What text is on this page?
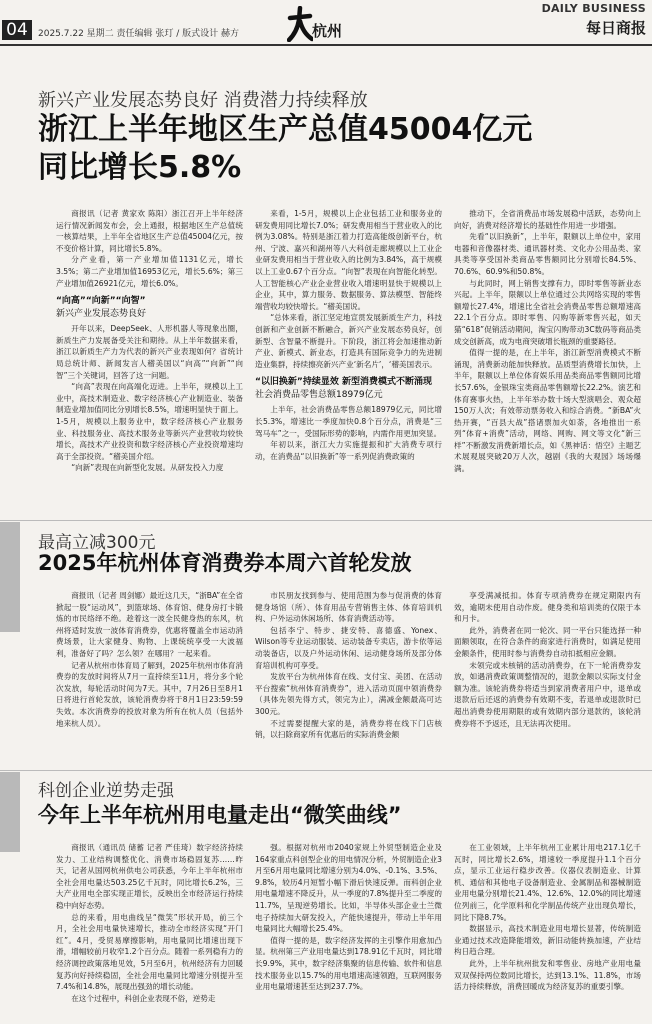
04	2025.7.22 星期二 责任编辑 张玎 / 版式设计 赫方	杭州
DAILY BUSINESS
每日商报
新兴产业发展态势良好 消费潜力持续释放
浙江上半年地区生产总值45004亿元
同比增长5.8%

商报讯（记者 黄家欢 陈阳）浙江召开上半年经济运行情况新闻发布会，会上通报，根据地区生产总值统一核算结果，上半年全省地区生产总值45004亿元，按不变价格计算，同比增长5.8%。

分产业看，第一产业增加值1131亿元，增长3.5%；第二产业增加值16953亿元，增长5.6%；第三产业增加值26921亿元，增长6.0%。

“向高”“向新”“向智”
新兴产业发展态势良好

开年以来，DeepSeek、人形机器人等现象出圈，新质生产力发展备受关注和期待。从上半年数据来看，浙江以新质生产力为代表的新兴产业表现如何？省统计局总统计师、新闻发言人稽美国以“向高”“向新”“向智”三个关键词，回答了这一问题。

“向高”表现在向高端化迈进。上半年，规模以上工业中，高技术制造业、数字经济核心产业制造业、装备制造业增加值同比分别增长8.5%，增速明显快于面上。1-5月，规模以上服务业中，数字经济核心产业服务业、科技服务业、高技术服务业等新兴产业营收均较快增长，高技术产业投资和数字经济核心产业投资增速均高于全部投资。“稽美国介绍。

“向新”表现在向新型化发展。从研发投入力度

来看，1-5月，规模以上企业包括工业和服务业的研发费用同比增长7.0%；研发费用相当于营业收入的比例为3.08%。特别是浙江着力打造高能级创新平台，杭州、宁波、嘉兴和湖州等八大科创走廊规模以上工业企业研发费用相当于营业收入的比例为3.84%，高于规模以上工业0.67个百分点。“向智”表现在向智能化转型。人工智能核心产业企业营业收入增速明显快于规模以上企业，其中，算力服务、数据服务、算法模型、智能终端营收均较快增长。“稽美国说。

“总体来看，浙江坚定地宣贯发展新质生产力，科技创新和产业创新不断融合，新兴产业发展态势良好，创新型、含智量不断提升。下阶段，浙江将会加速推动新产业、新模式、新业态，打造具有国际竞争力的先进制造业集群，持续擦亮新兴产业‘新名片’，‘稽美国表示。

“以旧换新”持续显效 新型消费模式不断涌现
社会消费品零售总额18979亿元

上半年，社会消费品零售总额18979亿元，同比增长5.3%，增速比一季度加快0.8个百分点，消费是“三驾马车”之一，受国际形势的影响，内需作用更加突显。

年初以来，浙江大力实施提振和扩大消费专项行动，在消费品“以旧换新”等一系列促消费政策的

推动下，全省消费品市场发展稳中活跃，态势向上向好，消费对经济增长的基础性作用进一步增强。

先看“以旧换新”，上半年，限额以上单位中，家用电器和音像器材类、通讯器材类、文化办公用品类、家具类等享受国补类商品零售额同比分别增长84.5%、70.6%、60.9%和50.8%。

与此同时，网上销售支撑有力，即时零售等新业态兴起。上半年，限额以上单位通过公共网络实现的零售额增长27.4%，增速比全省社会消费品零售总额增速高22.1个百分点。即时零售、闪购等新零售兴起，如天猫“618”促销活动期间，淘宝闪购带动3C数码等商品类成交创新高，成为电商突破增长瓶颈的重要路径。

值得一提的是，在上半年，浙江新型消费模式不断涌现，消费新动能加快释放。品质型消费增长加快，上半年，限额以上单位体育娱乐用品类商品零售额同比增长57.6%，金银珠宝类商品零售额增长22.2%。演艺和体育赛事火热，上半年举办数十场大型演唱会、观众超150万人次；有效带动票务收入和综合消费。“新BA”火热开赛，“百县大战”搭诸票加火如荼，各地推出一系列“体育+消费”活动，网络、网购、网文等文化“新三样”不断激发消费新增长点，如《黑神话：悟空》主题艺术展观展突破20万人次，越剧《我的大观园》场场爆满。

最高立减300元
2025年杭州体育消费券本周六首轮发放

商报讯（记者 周剑娜）最近这几天，“浙BA”在全省掀起一股“运动风”，到篮球场、体育馆、健身房打卡锻炼的市民络绎不绝。趁着这一波全民健身热的东风，杭州将适时发放一波体育消费券，优惠将覆盖全市运动消费场景，让大家健身、购物、上课统统享受一大波福利，准备好了吗？怎么领？在哪用？一起来看。

记者从杭州市体育局了解到，2025年杭州市体育消费券的发放时间将从7月一直持续至11月，将分多个轮次发放，每轮活动时间为7天。其中，7月26日至8月1日将进行首轮发放，该轮消费券将于8月1日23:59:59失效。本次消费券的投放对象为所有在杭人员（包括外地来杭人员）。

市民朋友找到参与、使用范围为参与促消费的体育健身场馆（所）、体育用品专营销售主体、体育培训机构、户外运动休闲场所、体育消费活动等。

包括李宁、特步、捷安特、喜德盛、Yonex、Wilson等专业运动服装、运动装备专卖店，游卡依等运动装备店，以及户外运动休闲、运动健身场所及部分体育培训机构可享受。

发放平台为杭州体育在线、支付宝、美团、在活动平台搜索“杭州体育消费券”，进入活动页面中领消费券（具体先领先得方式，领完为止），满减金额最高可达300元。

不过需要提醒大家的是，消费券将在线下门店核销，以扫除商家所有优惠后的实际消费金额

享受满减抵扣。体育专项消费券在规定期限内有效，逾期未使用自动作废。健身类和培训类的仅限于本和月卡。

此外，消费者在同一轮次、同一平台只能选择一种面额领取，在符合条件的商家进行消费时，如满足使用金额条件，使用时参与消费券自动扣抵相应金额。

未领完或未核销的活动消费券，在下一轮消费券发放，如遇消费政策调整情况的，退款金额以实际支付金额为准。该轮消费券将适当到家消费者用户中，退单或退款后后还返的消费券有效期不变，若退单或退款时已超出消费券使用期限的或有效期内部分退款的，该轮消费券将不予返还，且无法再次使用。

科创企业逆势走强
今年上半年杭州用电量走出“微笑曲线”

商报讯（通讯员 储蓄 记者 严佳琦）数字经济持续发力、工业结构调整优化、消费市场稳固复苏……昨天，记者从国网杭州供电公司获悉，今年上半年杭州市全社会用电量达503.25亿千瓦时，同比增长6.2%，三大产业用电全部实现正增长，反映出全市经济运行持续稳中向好态势。

总的来看，用电曲线呈“微笑”形状开局，前三个月，全社会用电量快速增长，推动全市经济实现“开门红”。4月，受贸易摩擦影响，用电量同比增速出现下滑，增幅较前月收窄1.2个百分点。随着一系列稳有力的经济调控政策落地见效，5月至6月，杭州经济有力回暖复苏向好持续稳固，全社会用电量同比增速分别提升至7.4%和14.8%，展现出强劲的增长动能。

在这个过程中，科创企业表现不俗，逆势走

强。根据对杭州市2040家规上外贸型制造企业及164家重点科创型企业的用电情况分析，外贸制造企业3月至6月用电量同比增速分别为4.0%、-0.1%、3.5%、9.8%，较历4月短暂小幅下滑后快速反弹。而科创企业用电量增速不降反升，从一季度的7.8%提升至二季度的11.7%，呈现逆势增长。比如，半导体头部企业士兰微电子持续加大研发投入，产能快速提升，带动上半年用电量同比大幅增长25.4%。

值得一提的是，数字经济发挥的主引擎作用愈加凸显。杭州第三产业用电量达到178.91亿千瓦时，同比增长9.9%，其中，数字经济集聚的信息传输、软件和信息技术服务业以15.7%的用电增速高速领跑，互联网服务业用电量增速甚至达到237.7%。

在工业领域，上半年杭州工业累计用电217.1亿千瓦时，同比增长2.6%，增速较一季度提升1.1个百分点，显示工业运行稳步改善。仪器仪表制造业、计算机、通信和其他电子设备制造业、金属制品和器械制造业用电量分别增长21.4%、12.6%、12.0%的同比增速位列前三，化学原料和化学制品传统产业出现负增长，同比下降8.7%。

数据显示，高技术制造业用电增长显著，传统制造业通过技术改造降能增效，新旧动能转换加速，产业结构日趋合理。

此外，上半年杭州批发和零售业、房地产业用电量双双保持两位数同比增长，达到13.1%、11.8%，市场活力持续释放，消费回暖成为经济复苏的重要引擎。
